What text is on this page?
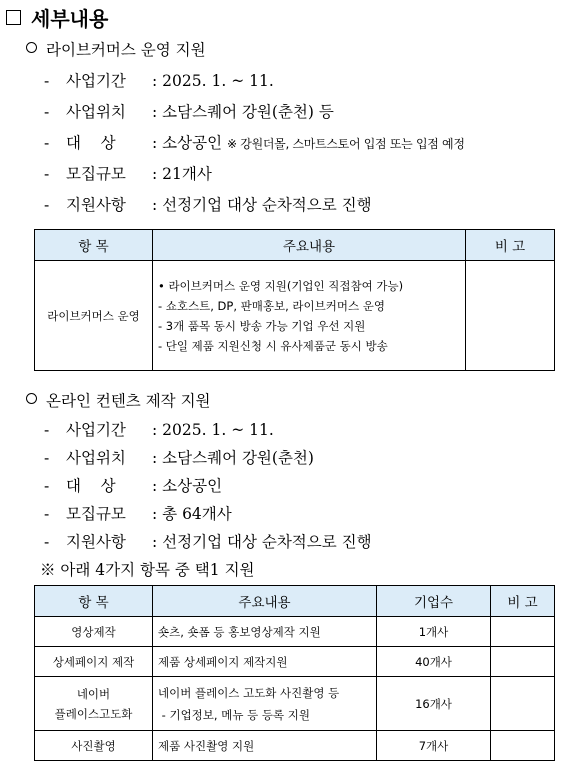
세부내용
라이브커머스 운영 지원
- 사업기간 : 2025. 1. ~ 11.
- 사업위치 : 소담스퀘어 강원(춘천) 등
- 대    상 : 소상공인 ※ 강원더몰, 스마트스토어 입점 또는 입점 예정
- 모집규모 : 21개사
- 지원사항 : 선정기업 대상 순차적으로 진행
항 목	주요내용	비 고
라이브커머스 운영	• 라이브커머스 운영 지원(기업인 직접참여 가능)
- 쇼호스트, DP, 판매홍보, 라이브커머스 운영
- 3개 품목 동시 방송 가능 기업 우선 지원
- 단일 제품 지원신청 시 유사제품군 동시 방송	

온라인 컨텐츠 제작 지원
- 사업기간 : 2025. 1. ~ 11.
- 사업위치 : 소담스퀘어 강원(춘천)
- 대    상 : 소상공인
- 모집규모 : 총 64개사
- 지원사항 : 선정기업 대상 순차적으로 진행
※ 아래 4가지 항목 중 택1 지원
항 목	주요내용	기업수	비 고
영상제작	숏츠, 숏폼 등 홍보영상제작 지원	1개사	
상세페이지 제작	제품 상세페이지 제작지원	40개사	
네이버
플레이스고도화	네이버 플레이스 고도화 사진촬영 등
- 기업정보, 메뉴 등 등록 지원	16개사	
사진촬영	제품 사진촬영 지원	7개사	
